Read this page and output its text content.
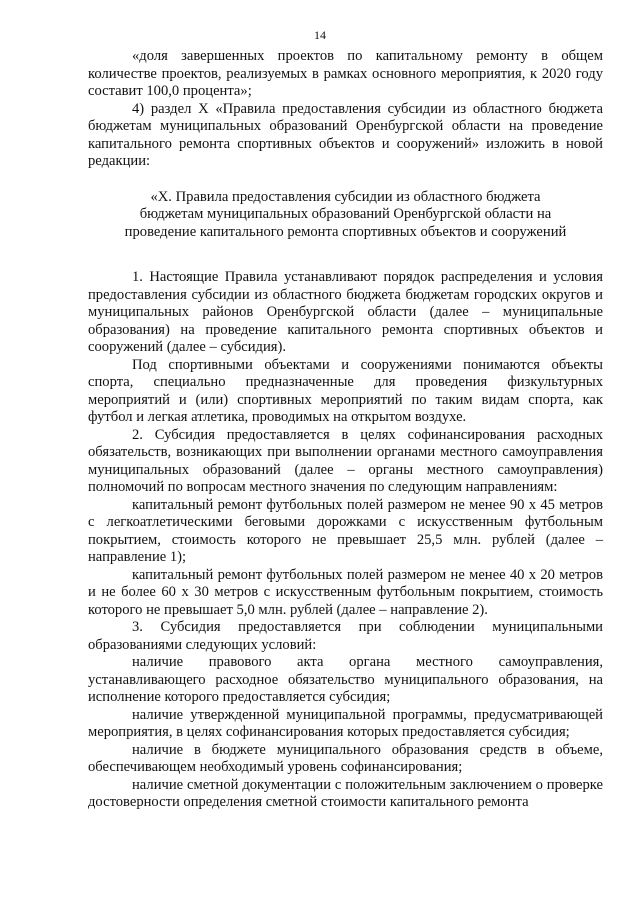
14

«доля завершенных проектов по капитальному ремонту в общем количестве проектов, реализуемых в рамках основного мероприятия, к 2020 году составит 100,0 процента»;

4) раздел X «Правила предоставления субсидии из областного бюджета бюджетам муниципальных образований Оренбургской области на проведение капитального ремонта спортивных объектов и сооружений» изложить в новой редакции:

«X. Правила предоставления субсидии из областного бюджета бюджетам муниципальных образований Оренбургской области на проведение капитального ремонта спортивных объектов и сооружений

1. Настоящие Правила устанавливают порядок распределения и условия предоставления субсидии из областного бюджета бюджетам городских округов и муниципальных районов Оренбургской области (далее – муниципальные образования) на проведение капитального ремонта спортивных объектов и сооружений (далее – субсидия).

Под спортивными объектами и сооружениями понимаются объекты спорта, специально предназначенные для проведения физкультурных мероприятий и (или) спортивных мероприятий по таким видам спорта, как футбол и легкая атлетика, проводимых на открытом воздухе.

2. Субсидия предоставляется в целях софинансирования расходных обязательств, возникающих при выполнении органами местного самоуправления муниципальных образований (далее – органы местного самоуправления) полномочий по вопросам местного значения по следующим направлениям:

капитальный ремонт футбольных полей размером не менее 90 х 45 метров с легкоатлетическими беговыми дорожками с искусственным футбольным покрытием, стоимость которого не превышает 25,5 млн. рублей (далее – направление 1);

капитальный ремонт футбольных полей размером не менее 40 х 20 метров и не более 60 х 30 метров с искусственным футбольным покрытием, стоимость которого не превышает 5,0 млн. рублей (далее – направление 2).

3. Субсидия предоставляется при соблюдении муниципальными образованиями следующих условий:

наличие правового акта органа местного самоуправления, устанавливающего расходное обязательство муниципального образования, на исполнение которого предоставляется субсидия;

наличие утвержденной муниципальной программы, предусматривающей мероприятия, в целях софинансирования которых предоставляется субсидия;

наличие в бюджете муниципального образования средств в объеме, обеспечивающем необходимый уровень софинансирования;

наличие сметной документации с положительным заключением о проверке достоверности определения сметной стоимости капитального ремонта
